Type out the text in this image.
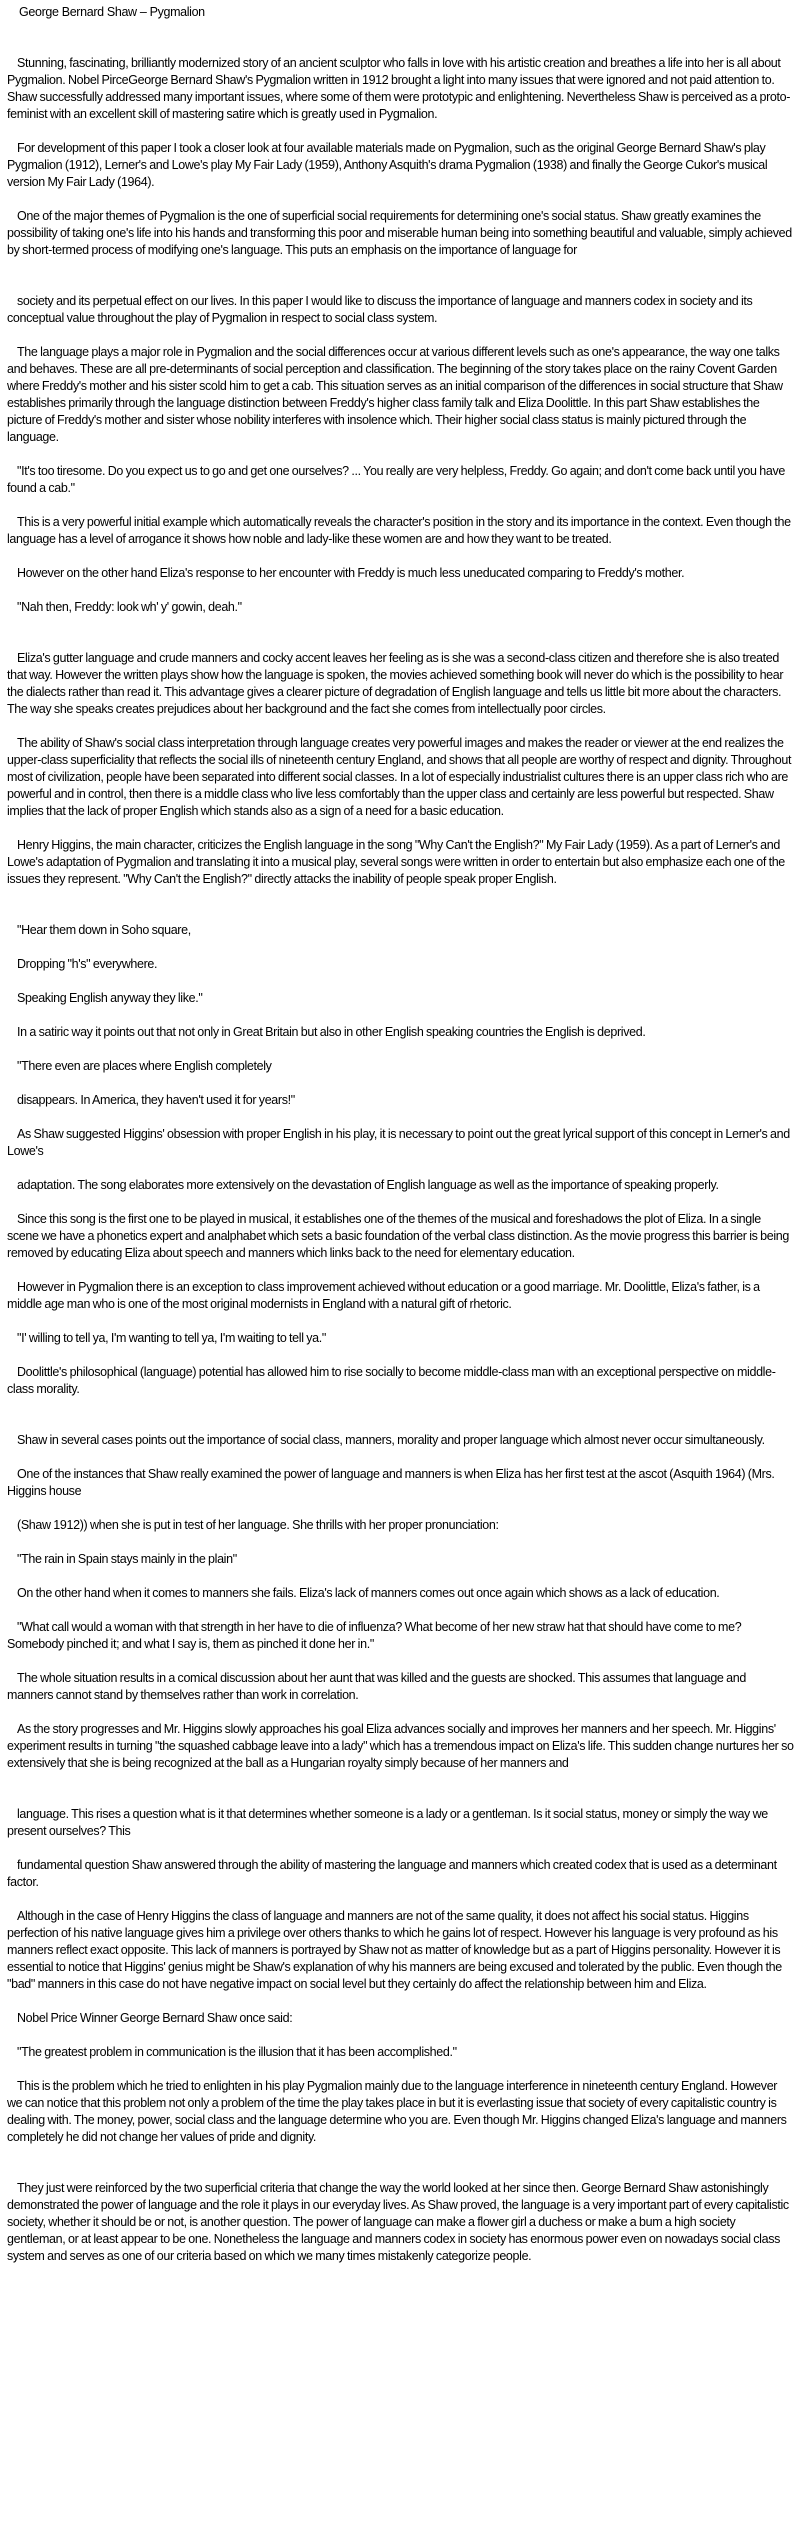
George Bernard Shaw – Pygmalion

Stunning, fascinating, brilliantly modernized story of an ancient sculptor who falls in love with his artistic creation and breathes a life into her is all about Pygmalion. Nobel PirceGeorge Bernard Shaw's Pygmalion written in 1912 brought a light into many issues that were ignored and not paid attention to. Shaw successfully addressed many important issues, where some of them were prototypic and enlightening. Nevertheless Shaw is perceived as a proto-feminist with an excellent skill of mastering satire which is greatly used in Pygmalion.

For development of this paper I took a closer look at four available materials made on Pygmalion, such as the original George Bernard Shaw's play Pygmalion (1912), Lerner's and Lowe's play My Fair Lady (1959), Anthony Asquith's drama Pygmalion (1938) and finally the George Cukor's musical version My Fair Lady (1964).

One of the major themes of Pygmalion is the one of superficial social requirements for determining one's social status. Shaw greatly examines the possibility of taking one's life into his hands and transforming this poor and miserable human being into something beautiful and valuable, simply achieved by short-termed process of modifying one's language. This puts an emphasis on the importance of language for

society and its perpetual effect on our lives. In this paper I would like to discuss the importance of language and manners codex in society and its conceptual value throughout the play of Pygmalion in respect to social class system.

The language plays a major role in Pygmalion and the social differences occur at various different levels such as one's appearance, the way one talks and behaves. These are all pre-determinants of social perception and classification. The beginning of the story takes place on the rainy Covent Garden where Freddy's mother and his sister scold him to get a cab. This situation serves as an initial comparison of the differences in social structure that Shaw establishes primarily through the language distinction between Freddy's higher class family talk and Eliza Doolittle. In this part Shaw establishes the picture of Freddy's mother and sister whose nobility interferes with insolence which. Their higher social class status is mainly pictured through the language.

"It's too tiresome. Do you expect us to go and get one ourselves? ... You really are very helpless, Freddy. Go again; and don't come back until you have found a cab."

This is a very powerful initial example which automatically reveals the character's position in the story and its importance in the context. Even though the language has a level of arrogance it shows how noble and lady-like these women are and how they want to be treated.

However on the other hand Eliza's response to her encounter with Freddy is much less uneducated comparing to Freddy's mother.

"Nah then, Freddy: look wh' y' gowin, deah."

Eliza's gutter language and crude manners and cocky accent leaves her feeling as is she was a second-class citizen and therefore she is also treated that way. However the written plays show how the language is spoken, the movies achieved something book will never do which is the possibility to hear the dialects rather than read it. This advantage gives a clearer picture of degradation of English language and tells us little bit more about the characters. The way she speaks creates prejudices about her background and the fact she comes from intellectually poor circles.

The ability of Shaw's social class interpretation through language creates very powerful images and makes the reader or viewer at the end realizes the upper-class superficiality that reflects the social ills of nineteenth century England, and shows that all people are worthy of respect and dignity. Throughout most of civilization, people have been separated into different social classes. In a lot of especially industrialist cultures there is an upper class rich who are powerful and in control, then there is a middle class who live less comfortably than the upper class and certainly are less powerful but respected. Shaw implies that the lack of proper English which stands also as a sign of a need for a basic education.

Henry Higgins, the main character, criticizes the English language in the song "Why Can't the English?" My Fair Lady (1959). As a part of Lerner's and Lowe's adaptation of Pygmalion and translating it into a musical play, several songs were written in order to entertain but also emphasize each one of the issues they represent. "Why Can't the English?" directly attacks the inability of people speak proper English.

"Hear them down in Soho square,

Dropping "h's" everywhere.

Speaking English anyway they like."

In a satiric way it points out that not only in Great Britain but also in other English speaking countries the English is deprived.

"There even are places where English completely

disappears. In America, they haven't used it for years!"

As Shaw suggested Higgins' obsession with proper English in his play, it is necessary to point out the great lyrical support of this concept in Lerner's and Lowe's

adaptation. The song elaborates more extensively on the devastation of English language as well as the importance of speaking properly.

Since this song is the first one to be played in musical, it establishes one of the themes of the musical and foreshadows the plot of Eliza. In a single scene we have a phonetics expert and analphabet which sets a basic foundation of the verbal class distinction. As the movie progress this barrier is being removed by educating Eliza about speech and manners which links back to the need for elementary education.

However in Pygmalion there is an exception to class improvement achieved without education or a good marriage. Mr. Doolittle, Eliza's father, is a middle age man who is one of the most original modernists in England with a natural gift of rhetoric.

"I' willing to tell ya, I'm wanting to tell ya, I'm waiting to tell ya."

Doolittle's philosophical (language) potential has allowed him to rise socially to become middle-class man with an exceptional perspective on middle-class morality.

Shaw in several cases points out the importance of social class, manners, morality and proper language which almost never occur simultaneously.

One of the instances that Shaw really examined the power of language and manners is when Eliza has her first test at the ascot (Asquith 1964) (Mrs. Higgins house

(Shaw 1912)) when she is put in test of her language. She thrills with her proper pronunciation:

"The rain in Spain stays mainly in the plain"

On the other hand when it comes to manners she fails. Eliza's lack of manners comes out once again which shows as a lack of education.

"What call would a woman with that strength in her have to die of influenza? What become of her new straw hat that should have come to me? Somebody pinched it; and what I say is, them as pinched it done her in."

The whole situation results in a comical discussion about her aunt that was killed and the guests are shocked. This assumes that language and manners cannot stand by themselves rather than work in correlation.

As the story progresses and Mr. Higgins slowly approaches his goal Eliza advances socially and improves her manners and her speech. Mr. Higgins' experiment results in turning "the squashed cabbage leave into a lady" which has a tremendous impact on Eliza's life. This sudden change nurtures her so extensively that she is being recognized at the ball as a Hungarian royalty simply because of her manners and

language. This rises a question what is it that determines whether someone is a lady or a gentleman. Is it social status, money or simply the way we present ourselves? This

fundamental question Shaw answered through the ability of mastering the language and manners which created codex that is used as a determinant factor.

Although in the case of Henry Higgins the class of language and manners are not of the same quality, it does not affect his social status. Higgins perfection of his native language gives him a privilege over others thanks to which he gains lot of respect. However his language is very profound as his manners reflect exact opposite. This lack of manners is portrayed by Shaw not as matter of knowledge but as a part of Higgins personality. However it is essential to notice that Higgins' genius might be Shaw's explanation of why his manners are being excused and tolerated by the public. Even though the "bad" manners in this case do not have negative impact on social level but they certainly do affect the relationship between him and Eliza.

Nobel Price Winner George Bernard Shaw once said:

"The greatest problem in communication is the illusion that it has been accomplished."

This is the problem which he tried to enlighten in his play Pygmalion mainly due to the language interference in nineteenth century England. However we can notice that this problem not only a problem of the time the play takes place in but it is everlasting issue that society of every capitalistic country is dealing with. The money, power, social class and the language determine who you are. Even though Mr. Higgins changed Eliza's language and manners completely he did not change her values of pride and dignity.

They just were reinforced by the two superficial criteria that change the way the world looked at her since then. George Bernard Shaw astonishingly demonstrated the power of language and the role it plays in our everyday lives. As Shaw proved, the language is a very important part of every capitalistic society, whether it should be or not, is another question. The power of language can make a flower girl a duchess or make a bum a high society gentleman, or at least appear to be one. Nonetheless the language and manners codex in society has enormous power even on nowadays social class system and serves as one of our criteria based on which we many times mistakenly categorize people.
